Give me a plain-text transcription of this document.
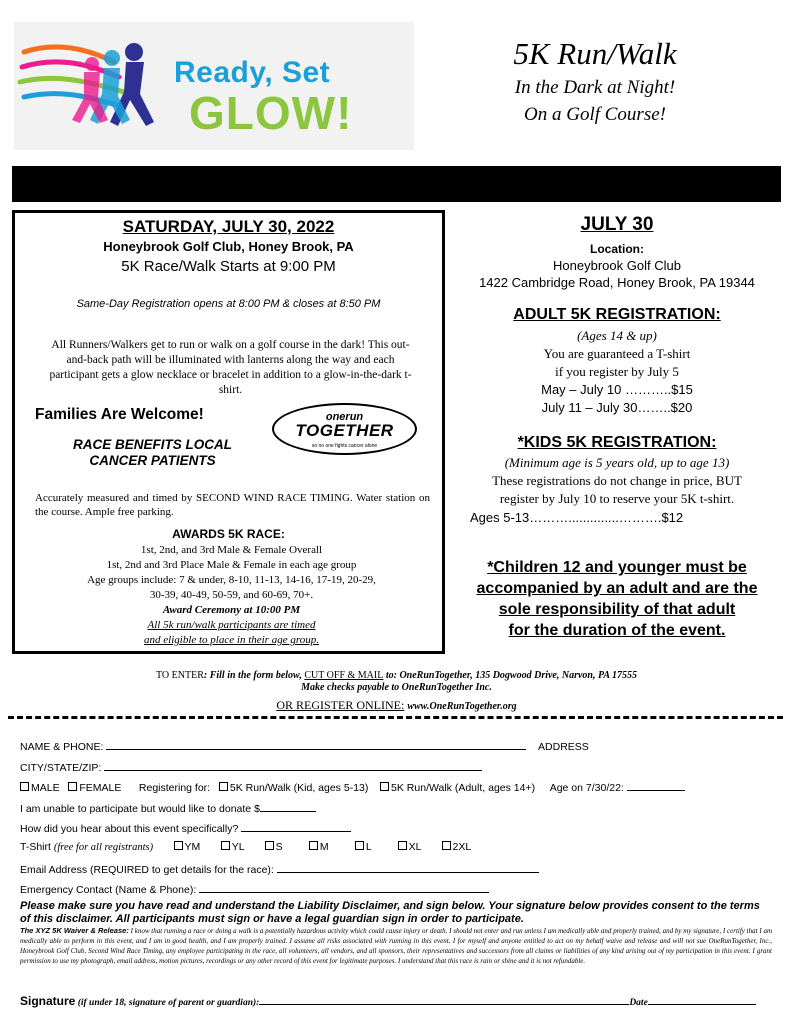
Ready, Set
GLOW!
5K Run/Walk
In the Dark at Night!
On a Golf Course!
SATURDAY, JULY 30, 2022
Honeybrook Golf Club, Honey Brook, PA
5K Race/Walk Starts at 9:00 PM
Same-Day Registration opens at 8:00 PM & closes at 8:50 PM
All Runners/Walkers get to run or walk on a golf course in the dark! This out-and-back path will be illuminated with lanterns along the way and each participant gets a glow necklace or bracelet in addition to a glow-in-the-dark t-shirt.
Families Are Welcome!
RACE BENEFITS LOCAL
CANCER PATIENTS
onerun
TOGETHER
so no one fights cancer alone
Accurately measured and timed by SECOND WIND RACE TIMING. Water station on the course. Ample free parking.
AWARDS 5K RACE:
1st, 2nd, and 3rd Male & Female Overall
1st, 2nd and 3rd Place Male & Female in each age group
Age groups include: 7 & under, 8-10, 11-13, 14-16, 17-19, 20-29,
30-39, 40-49, 50-59, and 60-69, 70+.
Award Ceremony at 10:00 PM
All 5k run/walk participants are timed
and eligible to place in their age group.
JULY 30
Location:
Honeybrook Golf Club
1422 Cambridge Road, Honey Brook, PA 19344
ADULT 5K REGISTRATION:
(Ages 14 & up)
You are guaranteed a T-shirt
if you register by July 5
May – July 10 ………..$15
July 11 – July 30……..$20
*KIDS 5K REGISTRATION:
(Minimum age is 5 years old, up to age 13)
These registrations do not change in price, BUT
register by July 10 to reserve your 5K t-shirt.
Ages 5-13………..............……….$12
*Children 12 and younger must be
accompanied by an adult and are the
sole responsibility of that adult
for the duration of the event.
TO ENTER: Fill in the form below, CUT OFF & MAIL to: OneRunTogether, 135 Dogwood Drive, Narvon, PA 17555
Make checks payable to OneRunTogether Inc.
OR REGISTER ONLINE: www.OneRunTogether.org
NAME & PHONE:	ADDRESS
CITY/STATE/ZIP:
MALE FEMALE Registering for: 5K Run/Walk (Kid, ages 5-13) 5K Run/Walk (Adult, ages 14+) Age on 7/30/22:
I am unable to participate but would like to donate $
How did you hear about this event specifically?
T-Shirt (free for all registrants)	YM	YL	S	M	L	XL	2XL
Email Address (REQUIRED to get details for the race):
Emergency Contact (Name & Phone):
Please make sure you have read and understand the Liability Disclaimer, and sign below. Your signature below provides consent to the terms of this disclaimer. All participants must sign or have a legal guardian sign in order to participate.
The XYZ 5K Waiver & Release: I know that running a race or doing a walk is a potentially hazardous activity which could cause injury or death. I should not enter and run unless I am medically able and properly trained, and by my signature, I certify that I am medically able to perform in this event, and I am in good health, and I am properly trained. I assume all risks associated with running in this event. I for myself and anyone entitled to act on my behalf waive and release and will not sue OneRunTogether, Inc., Honeybrook Golf Club, Second Wind Race Timing, any employee participating in the race, all volunteers, all vendors, and all sponsors, their representatives and successors from all claims or liabilities of any kind arising out of my participation in this event. I grant permission to use my photograph, email address, motion pictures, recordings or any other record of this event for legitimate purposes. I understand that this race is rain or shine and it is not refundable.
Signature (if under 18, signature of parent or guardian):	Date
